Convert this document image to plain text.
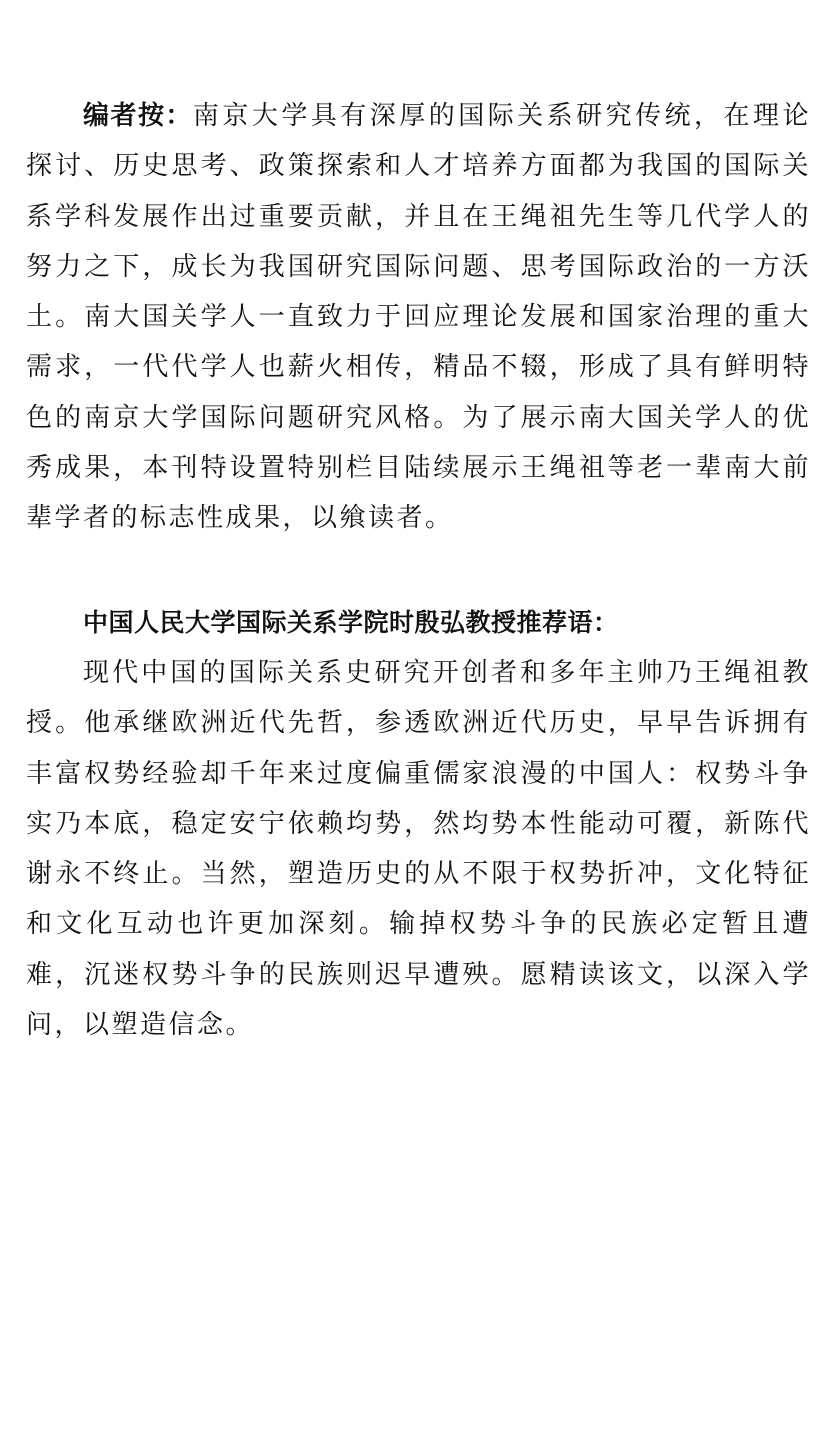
编者按：南京大学具有深厚的国际关系研究传统，在理论探讨、历史思考、政策探索和人才培养方面都为我国的国际关系学科发展作出过重要贡献，并且在王绳祖先生等几代学人的努力之下，成长为我国研究国际问题、思考国际政治的一方沃土。南大国关学人一直致力于回应理论发展和国家治理的重大需求，一代代学人也薪火相传，精品不辍，形成了具有鲜明特色的南京大学国际问题研究风格。为了展示南大国关学人的优秀成果，本刊特设置特别栏目陆续展示王绳祖等老一辈南大前辈学者的标志性成果，以飨读者。

中国人民大学国际关系学院时殷弘教授推荐语：

现代中国的国际关系史研究开创者和多年主帅乃王绳祖教授。他承继欧洲近代先哲，参透欧洲近代历史，早早告诉拥有丰富权势经验却千年来过度偏重儒家浪漫的中国人：权势斗争实乃本底，稳定安宁依赖均势，然均势本性能动可覆，新陈代谢永不终止。当然，塑造历史的从不限于权势折冲，文化特征和文化互动也许更加深刻。输掉权势斗争的民族必定暂且遭难，沉迷权势斗争的民族则迟早遭殃。愿精读该文，以深入学问，以塑造信念。
